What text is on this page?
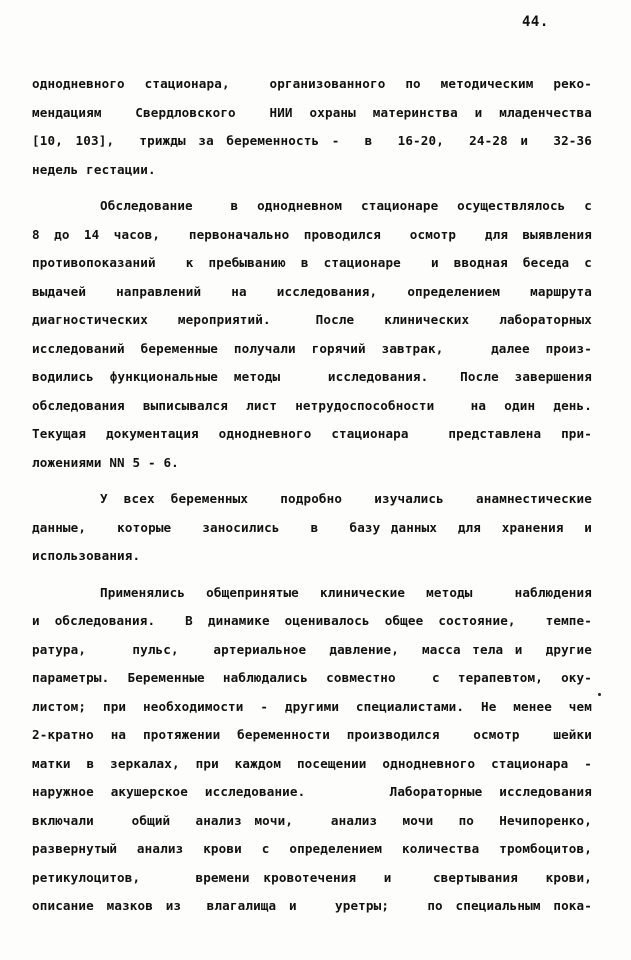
44.
однодневного стационара,  организованного по методическим реко-
мендациям  Свердловского  НИИ охраны материнства и младенчества
[10, 103],  трижды за беременность -  в  16-20,  24-28 и  32-36
недель гестации.
Обследование  в однодневном стационаре осуществлялось с
8 до 14 часов,  первоначально проводился  осмотр  для выявления
противопоказаний  к пребыванию в стационаре  и вводная беседа с
выдачей  направлений  на  исследования,  определением  маршрута
диагностических  мероприятий.   После  клинических  лабораторных
исследований беременные получали горячий завтрак,   далее произ-
водились функциональные методы   исследования.  После завершения
обследования выписывался лист нетрудоспособности  на один день.
Текущая документация однодневного стационара  представлена при-
ложениями NN 5 - 6.
У всех беременных  подробно  изучались  анамнестические
данные,   которые   заносились   в   базу данных  для  хранения  и
использования.
Применялись общепринятые клинические методы  наблюдения
и обследования.  В динамике оценивалось общее состояние,  темпе-
ратура,    пульс,   артериальное  давление,  масса тела и  другие
параметры. Беременные наблюдались совместно  с терапевтом, оку-
листом; при необходимости - другими специалистами. Не менее чем
2-кратно на протяжении беременности производился  осмотр  шейки
матки в зеркалах, при каждом посещении однодневного стационара -
наружное акушерское исследование.     Лабораторные исследования
включали   общий  анализ мочи,   анализ  мочи  по  Нечипоренко,
развернутый анализ крови с определением количества тромбоцитов,
ретикулоцитов,    времени кровотечения  и   свертывания  крови,
описание мазков из  влагалища и   уретры;   по специальным пока-
